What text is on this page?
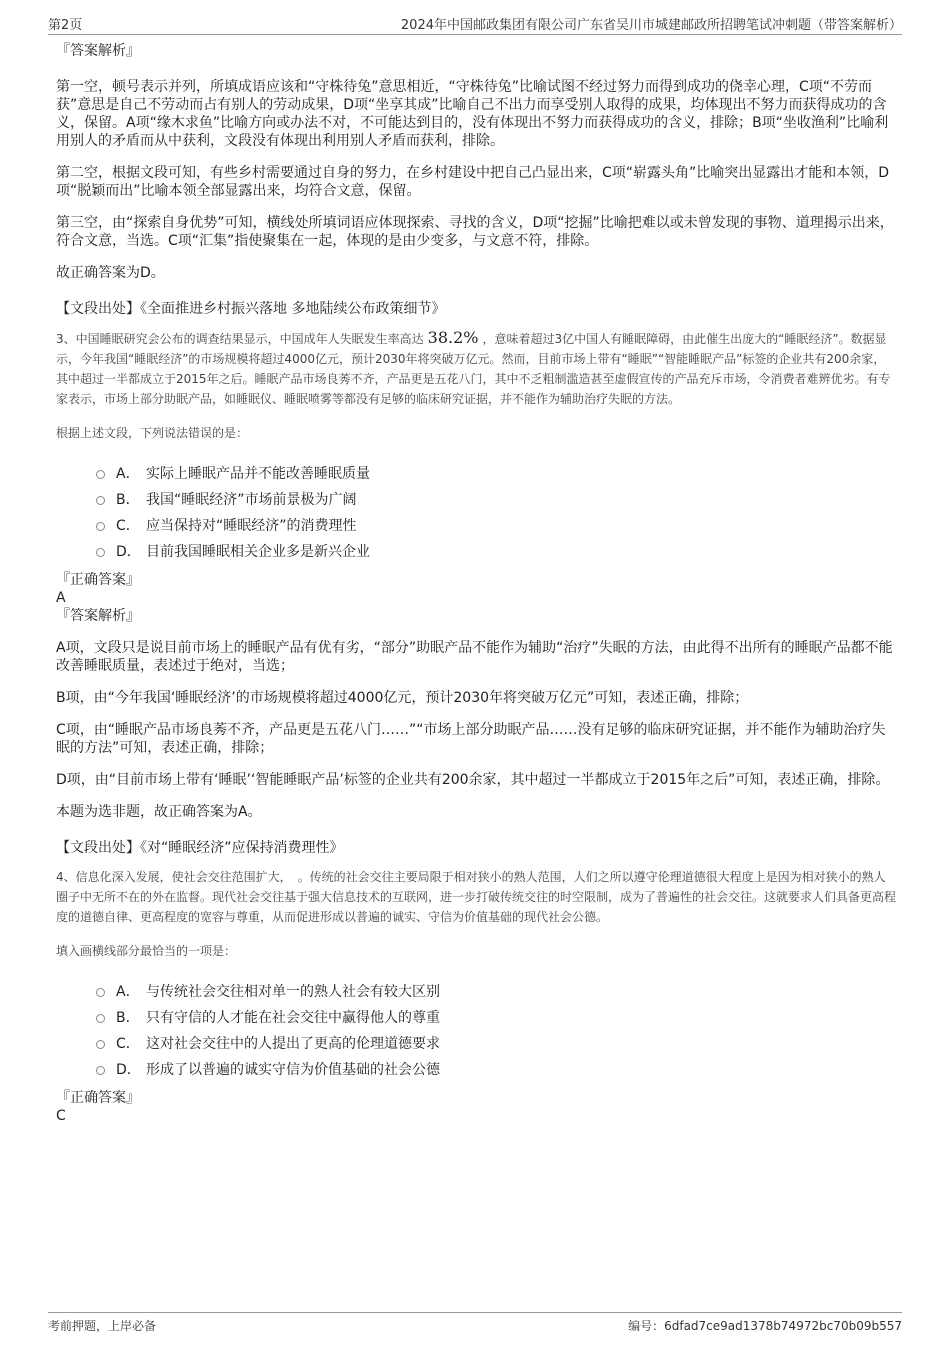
第2页	2024年中国邮政集团有限公司广东省吴川市城建邮政所招聘笔试冲刺题（带答案解析）

『答案解析』

第一空，顿号表示并列，所填成语应该和“守株待兔”意思相近，“守株待兔”比喻试图不经过努力而得到成功的侥幸心理，C项“不劳而获”意思是自己不劳动而占有别人的劳动成果，D项“坐享其成”比喻自己不出力而享受别人取得的成果，均体现出不努力而获得成功的含义，保留。A项“缘木求鱼”比喻方向或办法不对，不可能达到目的，没有体现出不努力而获得成功的含义，排除；B项“坐收渔利”比喻利用别人的矛盾而从中获利，文段没有体现出利用别人矛盾而获利，排除。

第二空，根据文段可知，有些乡村需要通过自身的努力，在乡村建设中把自己凸显出来，C项“崭露头角”比喻突出显露出才能和本领，D项“脱颖而出”比喻本领全部显露出来，均符合文意，保留。

第三空，由“探索自身优势”可知，横线处所填词语应体现探索、寻找的含义，D项“挖掘”比喻把难以或未曾发现的事物、道理揭示出来，符合文意，当选。C项“汇集”指使聚集在一起，体现的是由少变多，与文意不符，排除。

故正确答案为D。

【文段出处】《全面推进乡村振兴落地 多地陆续公布政策细节》

3、中国睡眠研究会公布的调查结果显示，中国成年人失眠发生率高达 38.2% ，意味着超过3亿中国人有睡眠障碍，由此催生出庞大的“睡眠经济”。数据显示，今年我国“睡眠经济”的市场规模将超过4000亿元，预计2030年将突破万亿元。然而，目前市场上带有“睡眠”“智能睡眠产品”标签的企业共有200余家，其中超过一半都成立于2015年之后。睡眠产品市场良莠不齐，产品更是五花八门，其中不乏粗制滥造甚至虚假宣传的产品充斥市场，令消费者难辨优劣。有专家表示，市场上部分助眠产品，如睡眠仪、睡眠喷雾等都没有足够的临床研究证据，并不能作为辅助治疗失眠的方法。

根据上述文段，下列说法错误的是：

A． 实际上睡眠产品并不能改善睡眠质量
B． 我国“睡眠经济”市场前景极为广阔
C． 应当保持对“睡眠经济”的消费理性
D． 目前我国睡眠相关企业多是新兴企业

『正确答案』

A

『答案解析』

A项，文段只是说目前市场上的睡眠产品有优有劣，“部分”助眠产品不能作为辅助“治疗”失眠的方法，由此得不出所有的睡眠产品都不能改善睡眠质量，表述过于绝对，当选；

B项，由“今年我国‘睡眠经济’的市场规模将超过4000亿元，预计2030年将突破万亿元”可知，表述正确，排除；

C项，由“睡眠产品市场良莠不齐，产品更是五花八门……”“市场上部分助眠产品……没有足够的临床研究证据，并不能作为辅助治疗失眠的方法”可知，表述正确，排除；

D项，由“目前市场上带有‘睡眠’‘智能睡眠产品’标签的企业共有200余家，其中超过一半都成立于2015年之后”可知，表述正确，排除。

本题为选非题，故正确答案为A。

【文段出处】《对“睡眠经济”应保持消费理性》

4、信息化深入发展，使社会交往范围扩大，　。传统的社会交往主要局限于相对狭小的熟人范围，人们之所以遵守伦理道德很大程度上是因为相对狭小的熟人圈子中无所不在的外在监督。现代社会交往基于强大信息技术的互联网，进一步打破传统交往的时空限制，成为了普遍性的社会交往。这就要求人们具备更高程度的道德自律、更高程度的宽容与尊重，从而促进形成以普遍的诚实、守信为价值基础的现代社会公德。

填入画横线部分最恰当的一项是：

A． 与传统社会交往相对单一的熟人社会有较大区别
B． 只有守信的人才能在社会交往中赢得他人的尊重
C． 这对社会交往中的人提出了更高的伦理道德要求
D． 形成了以普遍的诚实守信为价值基础的社会公德

『正确答案』

C

考前押题，上岸必备	编号：6dfad7ce9ad1378b74972bc70b09b557
